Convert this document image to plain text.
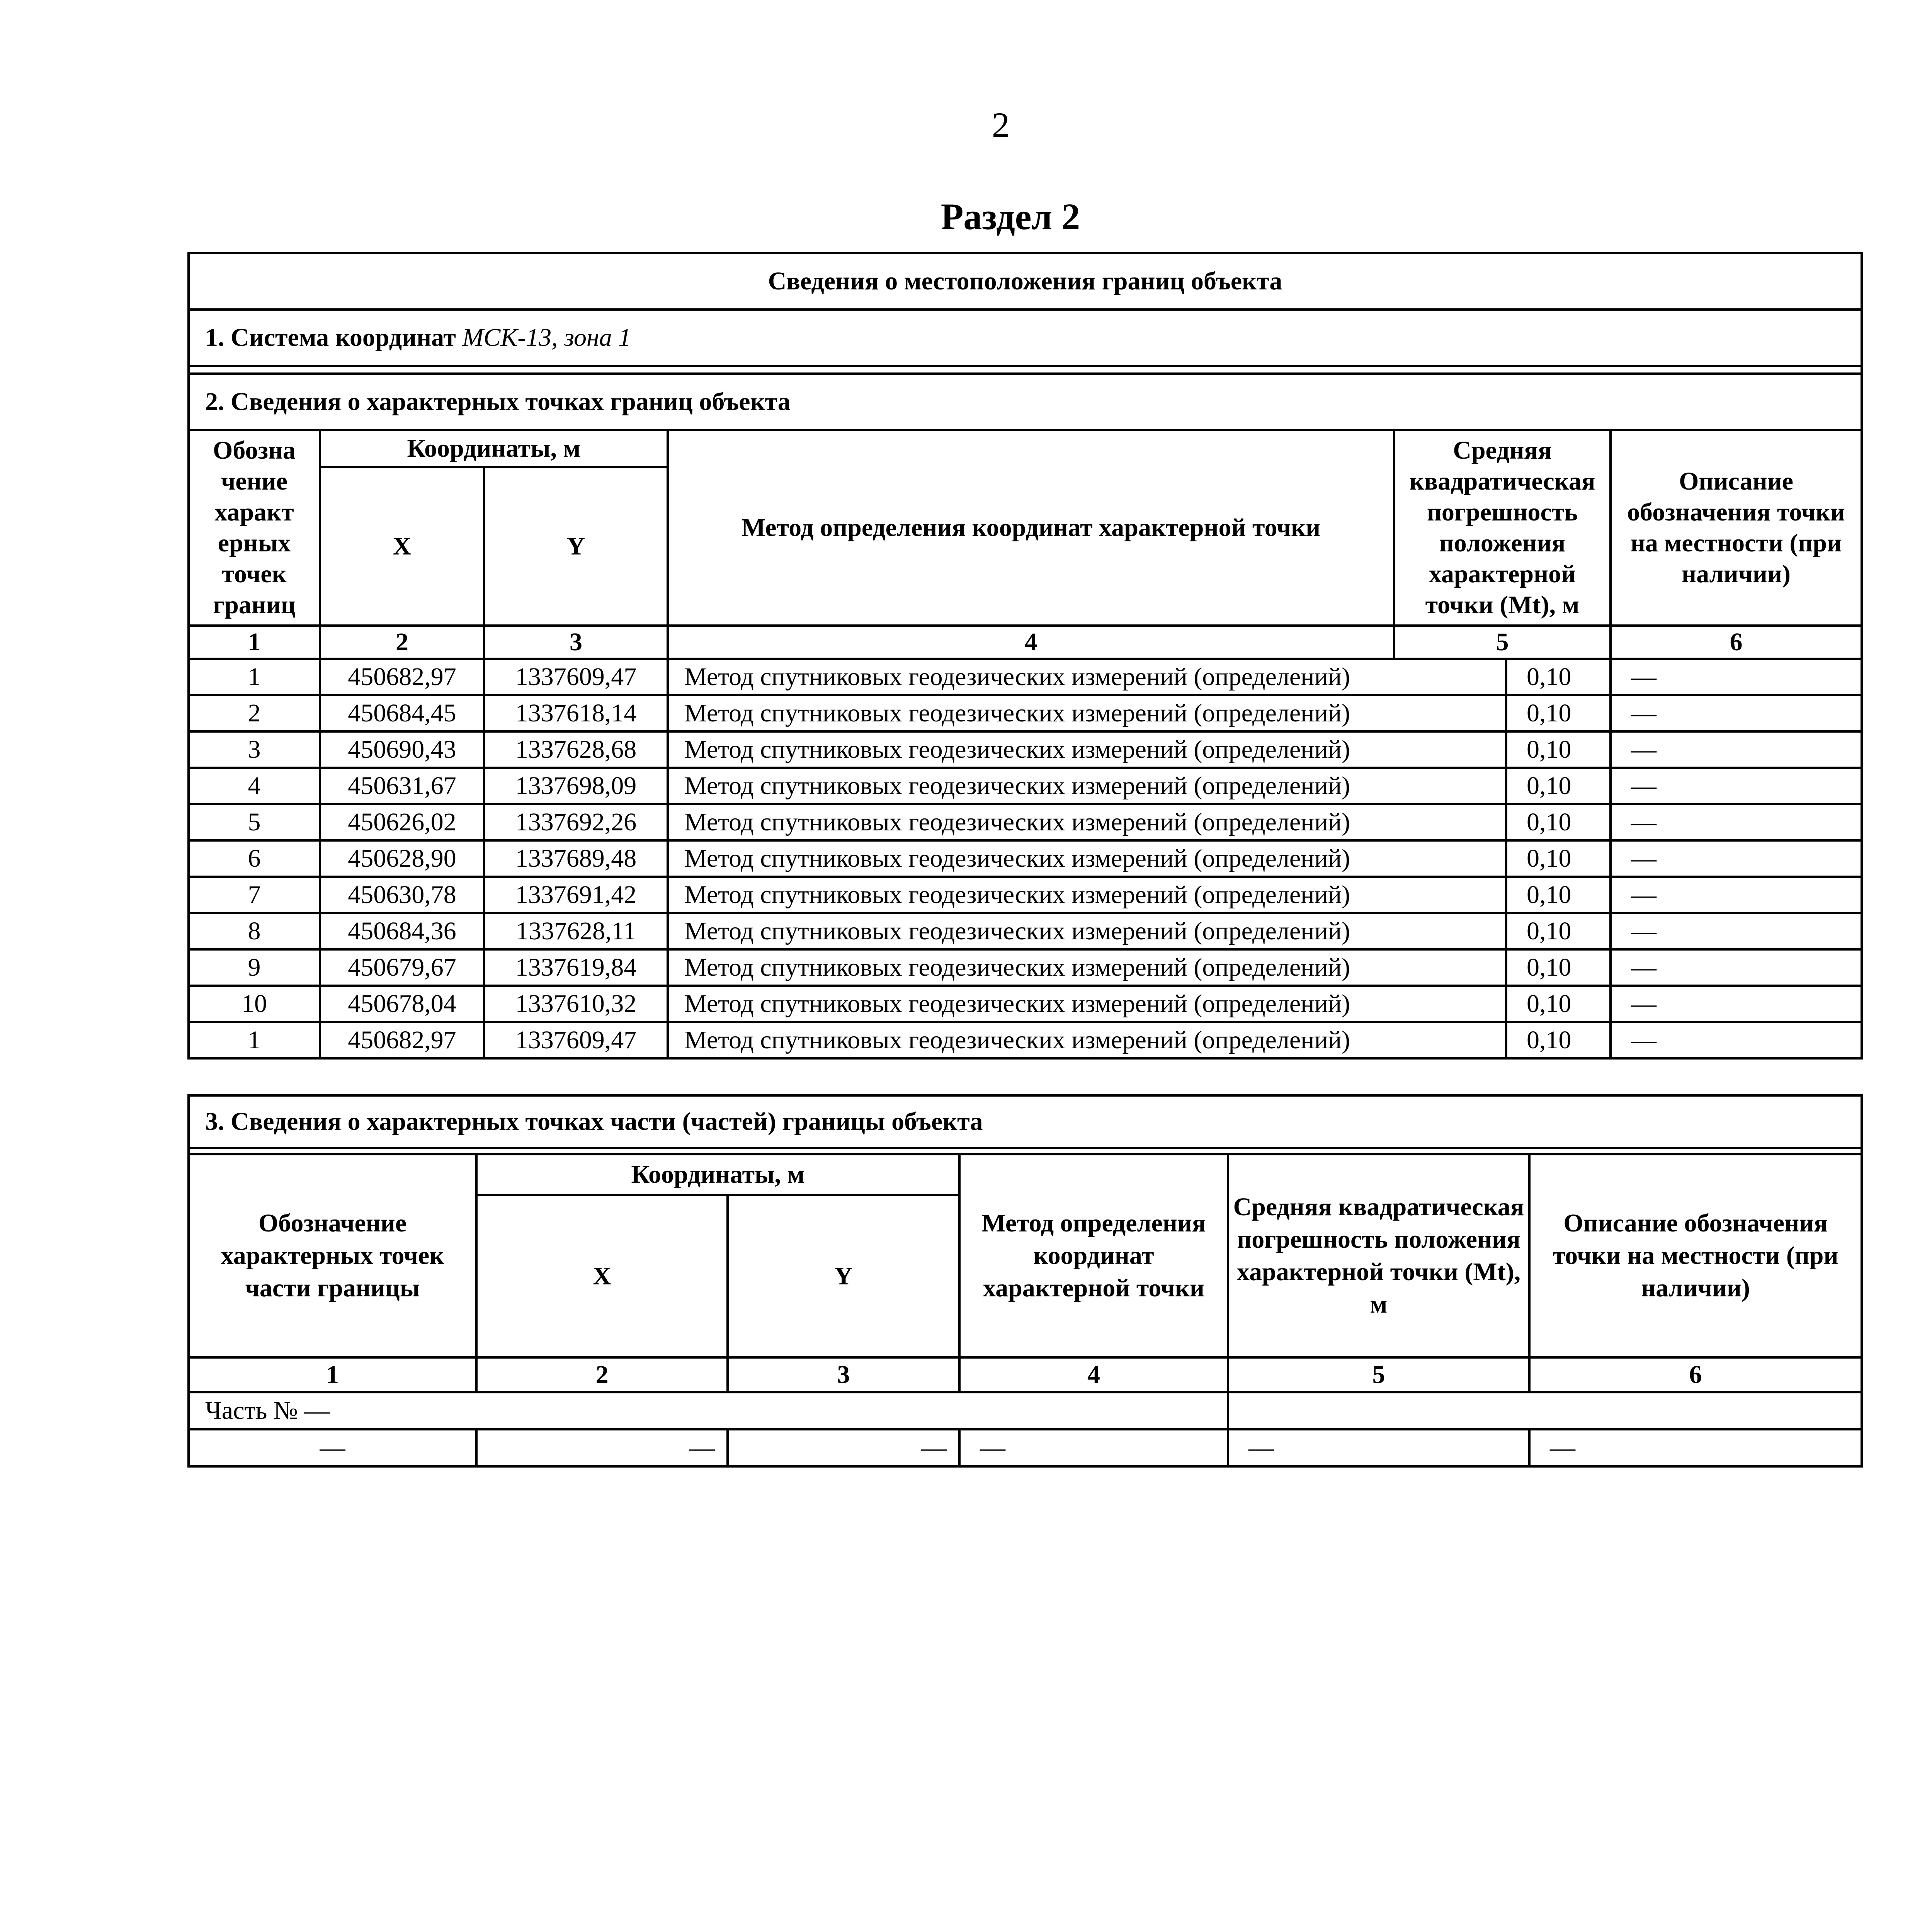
2
Раздел 2
Сведения о местоположения границ объекта						
1. Система координат МСК-13, зона 1						

2. Сведения о характерных точках границ объекта						
Обозна чение характ ерных точек границ	Координаты, м		Метод определения координат характерной точки	Средняя квадратическая погрешность положения характерной точки (Mt), м		Описание обозначения точки на местности (при наличии)
	X	Y				
1	2	3	4	5		6
1	450682,97	1337609,47	Метод спутниковых геодезических измерений (определений)		0,10	—
2	450684,45	1337618,14	Метод спутниковых геодезических измерений (определений)		0,10	—
3	450690,43	1337628,68	Метод спутниковых геодезических измерений (определений)		0,10	—
4	450631,67	1337698,09	Метод спутниковых геодезических измерений (определений)		0,10	—
5	450626,02	1337692,26	Метод спутниковых геодезических измерений (определений)		0,10	—
6	450628,90	1337689,48	Метод спутниковых геодезических измерений (определений)		0,10	—
7	450630,78	1337691,42	Метод спутниковых геодезических измерений (определений)		0,10	—
8	450684,36	1337628,11	Метод спутниковых геодезических измерений (определений)		0,10	—
9	450679,67	1337619,84	Метод спутниковых геодезических измерений (определений)		0,10	—
10	450678,04	1337610,32	Метод спутниковых геодезических измерений (определений)		0,10	—
1	450682,97	1337609,47	Метод спутниковых геодезических измерений (определений)		0,10	—
3. Сведения о характерных точках части (частей) границы объекта					

Обозначение характерных точек части границы	Координаты, м		Метод определения координат характерной точки	Средняя квадратическая погрешность положения характерной точки (Mt), м	Описание обозначения точки на местности (при наличии)
	X	Y			
1	2	3	4	5	6
Часть № —					
—	—	—	—	—	—
